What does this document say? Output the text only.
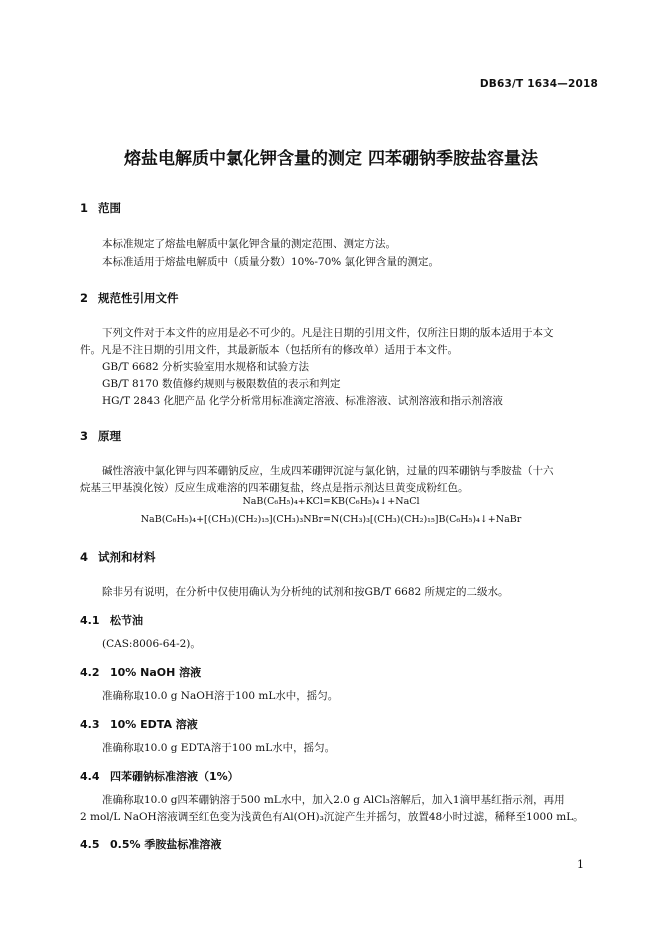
DB63/T 1634—2018
熔盐电解质中氯化钾含量的测定 四苯硼钠季胺盐容量法
1 范围
本标准规定了熔盐电解质中氯化钾含量的测定范围、测定方法。
本标准适用于熔盐电解质中（质量分数）10%-70% 氯化钾含量的测定。
2 规范性引用文件
下列文件对于本文件的应用是必不可少的。凡是注日期的引用文件，仅所注日期的版本适用于本文
件。凡是不注日期的引用文件，其最新版本（包括所有的修改单）适用于本文件。
GB/T 6682 分析实验室用水规格和试验方法
GB/T 8170 数值修约规则与极限数值的表示和判定
HG/T 2843 化肥产品 化学分析常用标准滴定溶液、标准溶液、试剂溶液和指示剂溶液
3 原理
碱性溶液中氯化钾与四苯硼钠反应，生成四苯硼钾沉淀与氯化钠，过量的四苯硼钠与季胺盐（十六
烷基三甲基溴化铵）反应生成难溶的四苯硼复盐，终点是指示剂达旦黄变成粉红色。
NaB(C₆H₅)₄+KCl=KB(C₆H₅)₄↓+NaCl
NaB(C₆H₅)₄+[(CH₃)(CH₂)₁₅](CH₃)₃NBr=N(CH₃)₃[(CH₃)(CH₂)₁₅]B(C₆H₅)₄↓+NaBr
4 试剂和材料
除非另有说明，在分析中仅使用确认为分析纯的试剂和按GB/T 6682 所规定的二级水。
4.1 松节油
(CAS:8006-64-2)。
4.2 10% NaOH 溶液
准确称取10.0 g NaOH溶于100 mL水中，摇匀。
4.3 10% EDTA 溶液
准确称取10.0 g EDTA溶于100 mL水中，摇匀。
4.4 四苯硼钠标准溶液（1%）
准确称取10.0 g四苯硼钠溶于500 mL水中，加入2.0 g AlCl₃溶解后，加入1滴甲基红指示剂，再用
2 mol/L NaOH溶液调至红色变为浅黄色有Al(OH)₃沉淀产生并摇匀，放置48小时过滤，稀释至1000 mL。
4.5 0.5% 季胺盐标准溶液
1
